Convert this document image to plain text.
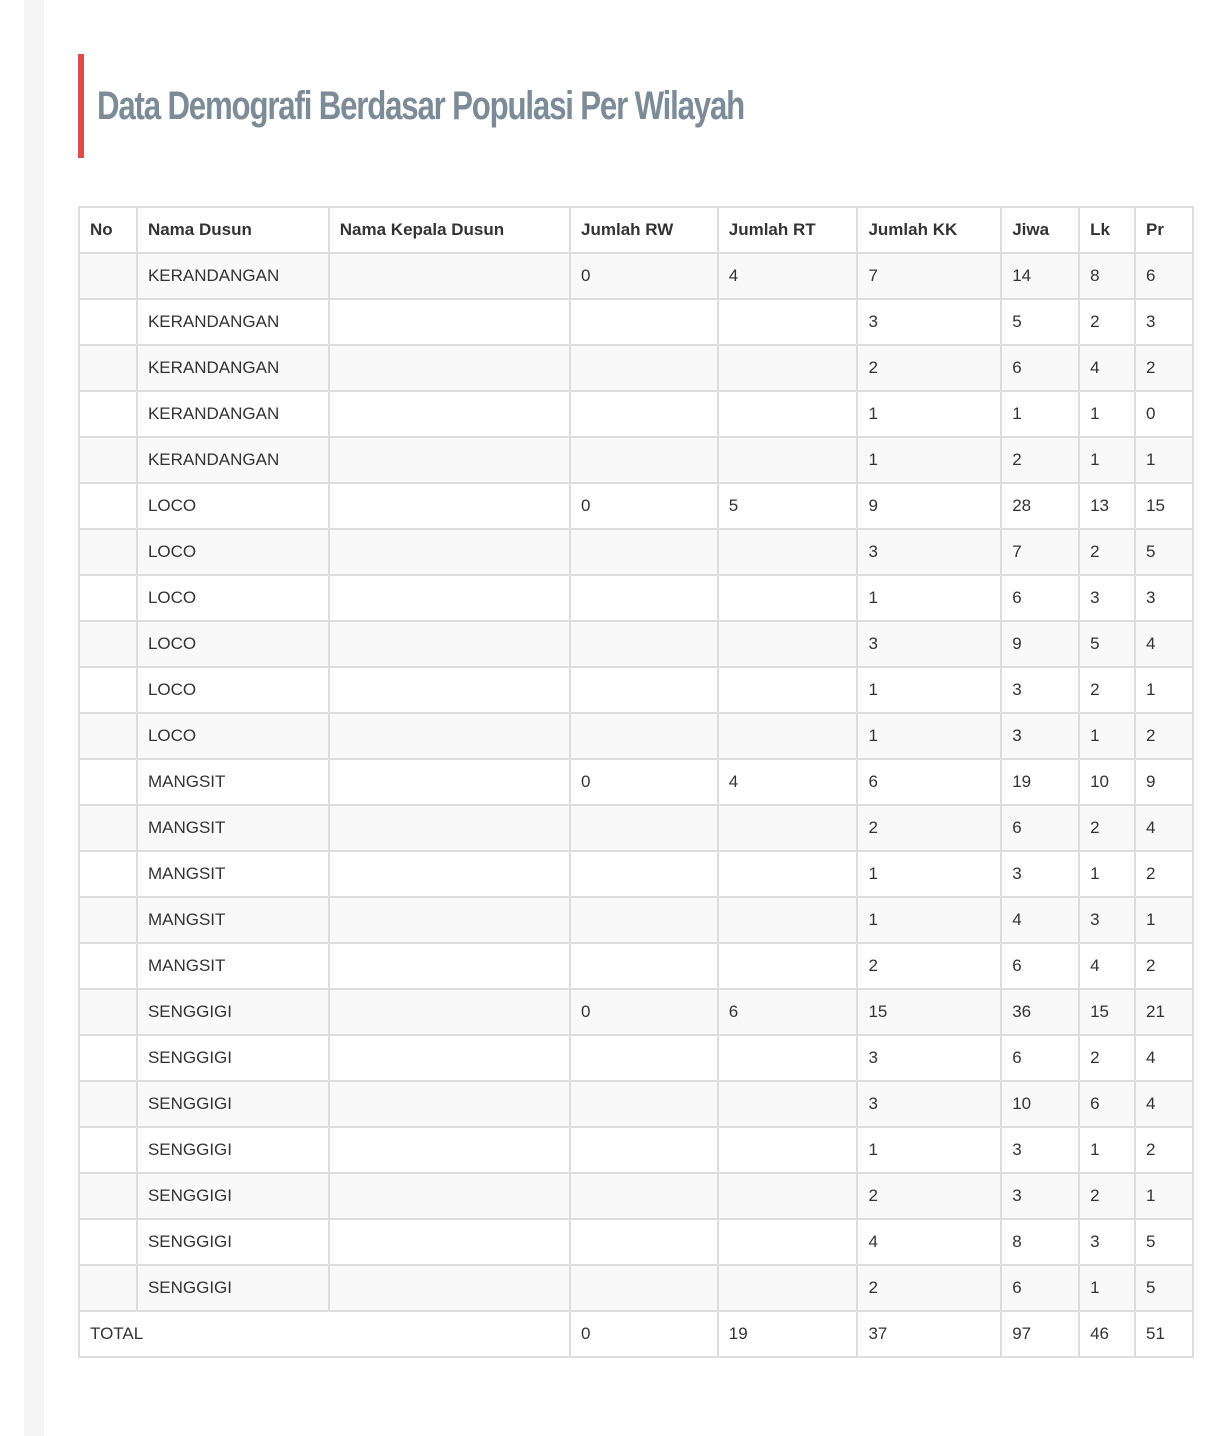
Data Demografi Berdasar Populasi Per Wilayah
No	Nama Dusun	Nama Kepala Dusun	Jumlah RW	Jumlah RT	Jumlah KK	Jiwa	Lk	Pr
	KERANDANGAN		0	4	7	14	8	6
	KERANDANGAN				3	5	2	3
	KERANDANGAN				2	6	4	2
	KERANDANGAN				1	1	1	0
	KERANDANGAN				1	2	1	1
	LOCO		0	5	9	28	13	15
	LOCO				3	7	2	5
	LOCO				1	6	3	3
	LOCO				3	9	5	4
	LOCO				1	3	2	1
	LOCO				1	3	1	2
	MANGSIT		0	4	6	19	10	9
	MANGSIT				2	6	2	4
	MANGSIT				1	3	1	2
	MANGSIT				1	4	3	1
	MANGSIT				2	6	4	2
	SENGGIGI		0	6	15	36	15	21
	SENGGIGI				3	6	2	4
	SENGGIGI				3	10	6	4
	SENGGIGI				1	3	1	2
	SENGGIGI				2	3	2	1
	SENGGIGI				4	8	3	5
	SENGGIGI				2	6	1	5
TOTAL			0	19	37	97	46	51
